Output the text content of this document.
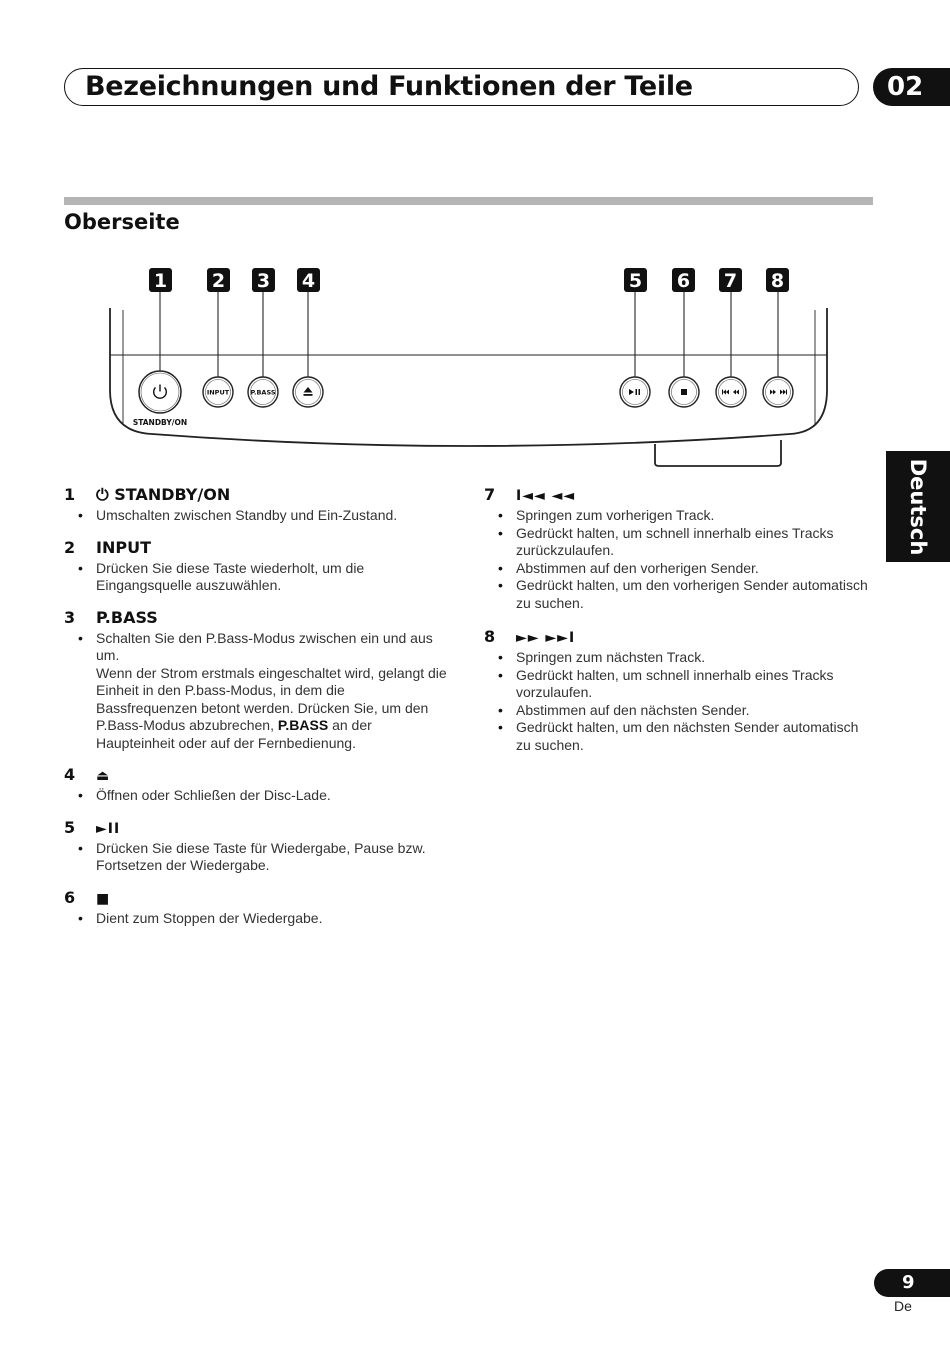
Bezeichnungen und Funktionen der Teile	02
Oberseite
1 2 3 4	5 6 7 8
STANDBY/ON
INPUT	P.BASS
Deutsch
1 ⏻ STANDBY/ON
• Umschalten zwischen Standby und Ein-Zustand.
2 INPUT
• Drücken Sie diese Taste wiederholt, um die Eingangsquelle auszuwählen.
3 P.BASS

• Schalten Sie den P.Bass-Modus zwischen ein und aus um.

Wenn der Strom erstmals eingeschaltet wird, gelangt die Einheit in den P.bass-Modus, in dem die Bassfrequenzen betont werden. Drücken Sie, um den P.Bass-Modus abzubrechen, P.BASS an der Haupteinheit oder auf der Fernbedienung.

4 ⏏
• Öffnen oder Schließen der Disc-Lade.
5 ►II
• Drücken Sie diese Taste für Wiedergabe, Pause bzw. Fortsetzen der Wiedergabe.
6 ■
• Dient zum Stoppen der Wiedergabe.
7 I◄◄ ◄◄
• Springen zum vorherigen Track.
• Gedrückt halten, um schnell innerhalb eines Tracks zurückzulaufen.
• Abstimmen auf den vorherigen Sender.
• Gedrückt halten, um den vorherigen Sender automatisch zu suchen.
8 ►► ►►I
• Springen zum nächsten Track.
• Gedrückt halten, um schnell innerhalb eines Tracks vorzulaufen.
• Abstimmen auf den nächsten Sender.
• Gedrückt halten, um den nächsten Sender automatisch zu suchen.
9
De
